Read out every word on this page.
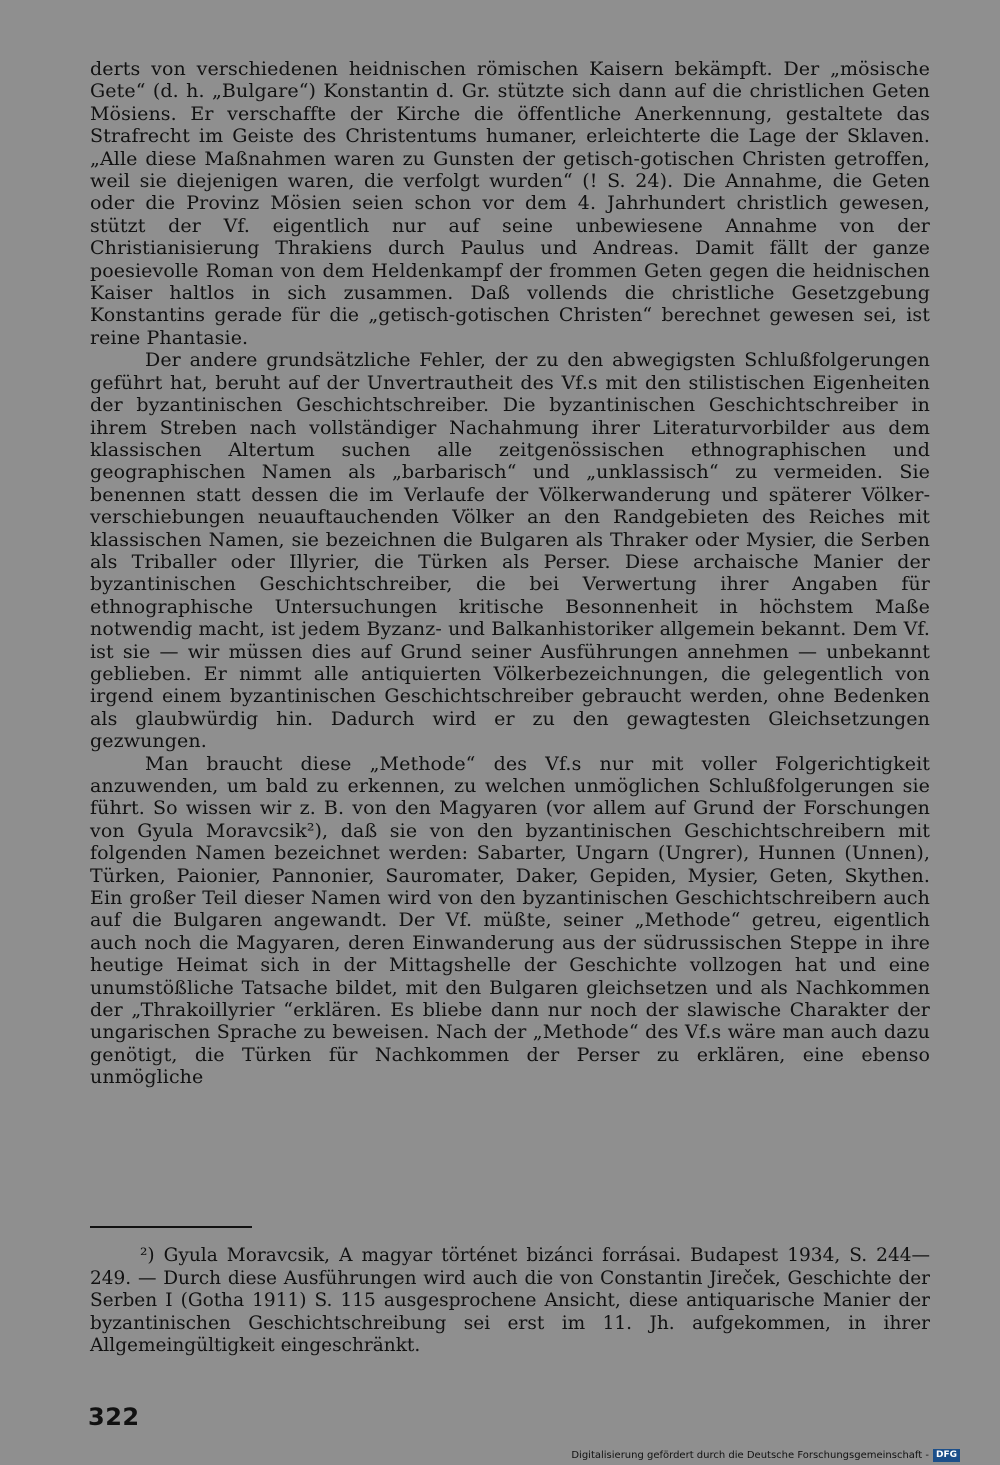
derts von verschiedenen heidnischen römischen Kaisern bekämpft. Der „mösische Gete“ (d. h. „Bulgare“) Konstantin d. Gr. stützte sich dann auf die christlichen Geten Mösiens. Er verschaffte der Kirche die öffentliche Anerkennung, gestaltete das Strafrecht im Geiste des Christentums humaner, erleichterte die Lage der Sklaven. „Alle diese Maßnahmen waren zu Gunsten der getisch-gotischen Christen getroffen, weil sie diejenigen waren, die verfolgt wurden“ (! S. 24). Die Annahme, die Geten oder die Provinz Mösien seien schon vor dem 4. Jahrhundert christlich gewesen, stützt der Vf. eigentlich nur auf seine unbewiesene Annahme von der Christianisierung Thrakiens durch Paulus und Andreas. Damit fällt der ganze poesievolle Roman von dem Heldenkampf der frommen Geten gegen die heidnischen Kaiser haltlos in sich zusammen. Daß vollends die christliche Gesetzgebung Konstantins gerade für die „getisch-gotischen Christen“ berechnet gewesen sei, ist reine Phantasie.

Der andere grundsätzliche Fehler, der zu den abwegigsten Schlußfolgerungen geführt hat, beruht auf der Unvertrautheit des Vf.s mit den stilistischen Eigenheiten der byzantinischen Geschichtschreiber. Die byzantinischen Geschichtschreiber in ihrem Streben nach vollständiger Nachahmung ihrer Literaturvorbilder aus dem klassischen Altertum suchen alle zeitgenössischen ethnographischen und geographischen Namen als „barbarisch“ und „unklassisch“ zu vermeiden. Sie benennen statt dessen die im Verlaufe der Völkerwanderung und späterer Völkerverschiebungen neuauftauchenden Völker an den Randgebieten des Reiches mit klassischen Namen, sie bezeichnen die Bulgaren als Thraker oder Mysier, die Serben als Triballer oder Illyrier, die Türken als Perser. Diese archaische Manier der byzantinischen Geschichtschreiber, die bei Verwertung ihrer Angaben für ethnographische Untersuchungen kritische Besonnenheit in höchstem Maße notwendig macht, ist jedem Byzanz- und Balkanhistoriker allgemein bekannt. Dem Vf. ist sie — wir müssen dies auf Grund seiner Ausführungen annehmen — unbekannt geblieben. Er nimmt alle antiquierten Völkerbezeichnungen, die gelegentlich von irgend einem byzantinischen Geschichtschreiber gebraucht werden, ohne Bedenken als glaubwürdig hin. Dadurch wird er zu den gewagtesten Gleichsetzungen gezwungen.

Man braucht diese „Methode“ des Vf.s nur mit voller Folgerichtigkeit anzuwenden, um bald zu erkennen, zu welchen unmöglichen Schlußfolgerungen sie führt. So wissen wir z. B. von den Magyaren (vor allem auf Grund der Forschungen von Gyula Moravcsik²), daß sie von den byzantinischen Geschichtschreibern mit folgenden Namen bezeichnet werden: Sabarter, Ungarn (Ungrer), Hunnen (Unnen), Türken, Paionier, Pannonier, Sauromater, Daker, Gepiden, Mysier, Geten, Skythen. Ein großer Teil dieser Namen wird von den byzantinischen Geschichtschreibern auch auf die Bulgaren angewandt. Der Vf. müßte, seiner „Methode“ getreu, eigentlich auch noch die Magyaren, deren Einwanderung aus der südrussischen Steppe in ihre heutige Heimat sich in der Mittagshelle der Geschichte vollzogen hat und eine unumstößliche Tatsache bildet, mit den Bulgaren gleichsetzen und als Nachkommen der „Thrakoillyrier “erklären. Es bliebe dann nur noch der slawische Charakter der ungarischen Sprache zu beweisen. Nach der „Methode“ des Vf.s wäre man auch dazu genötigt, die Türken für Nachkommen der Perser zu erklären, eine ebenso unmögliche

²) Gyula Moravcsik, A magyar történet bizánci forrásai. Budapest 1934, S. 244—249. — Durch diese Ausführungen wird auch die von Constantin Jireček, Geschichte der Serben I (Gotha 1911) S. 115 ausgesprochene Ansicht, diese antiquarische Manier der byzantinischen Geschichtschreibung sei erst im 11. Jh. aufgekommen, in ihrer Allgemeingültigkeit eingeschränkt.

322
Digitalisierung gefördert durch die Deutsche Forschungsgemeinschaft - DFG
